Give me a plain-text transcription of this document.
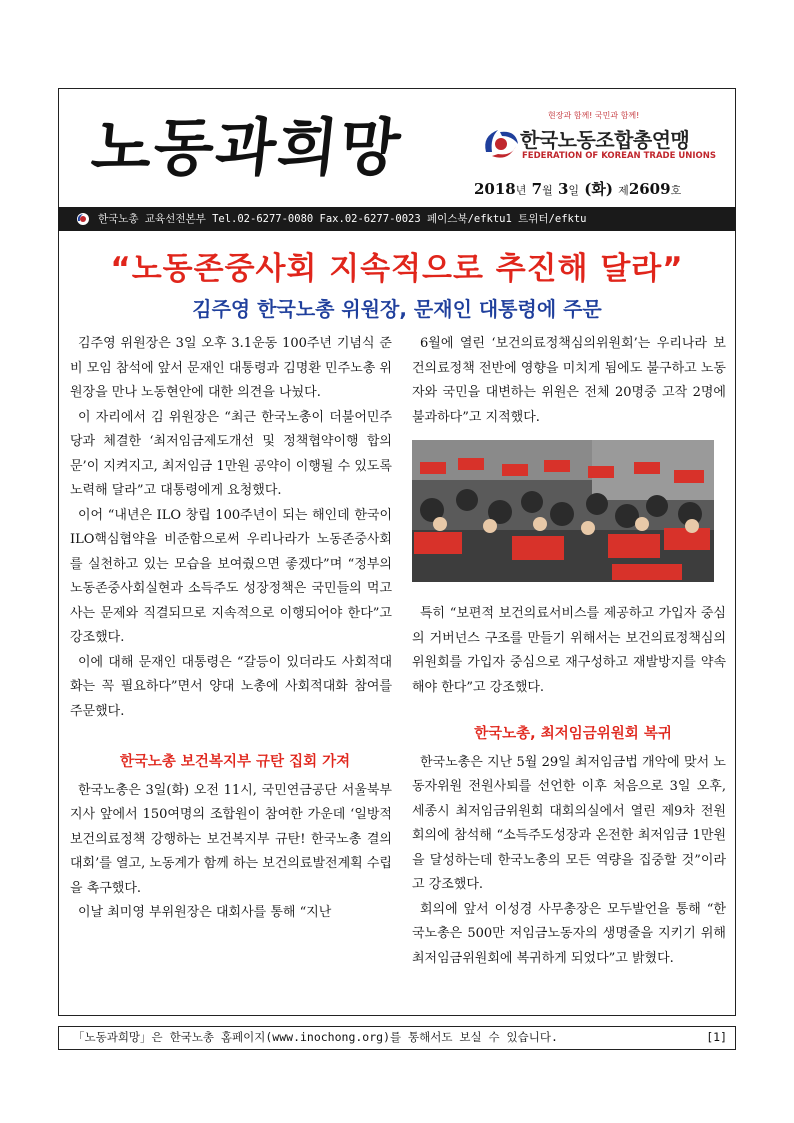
노동과희망	현장과 함께! 국민과 함께!
한국노동조합총연맹
FEDERATION OF KOREAN TRADE UNIONS
2018년 7월 3일 (화) 제2609호
한국노총 교육선전본부 Tel.02-6277-0080 Fax.02-6277-0023 페이스북/efktu1 트위터/efktu
“노동존중사회 지속적으로 추진해 달라”
김주영 한국노총 위원장, 문재인 대통령에 주문

김주영 위원장은 3일 오후 3.1운동 100주년 기념식 준비 모임 참석에 앞서 문재인 대통령과 김명환 민주노총 위원장을 만나 노동현안에 대한 의견을 나눴다.

이 자리에서 김 위원장은 “최근 한국노총이 더불어민주당과 체결한 ‘최저임금제도개선 및 정책협약이행 합의문’이 지켜지고, 최저임금 1만원 공약이 이행될 수 있도록 노력해 달라”고 대통령에게 요청했다.

이어 “내년은 ILO 창립 100주년이 되는 해인데 한국이 ILO핵심협약을 비준함으로써 우리나라가 노동존중사회를 실천하고 있는 모습을 보여줬으면 좋겠다”며 “정부의 노동존중사회실현과 소득주도 성장정책은 국민들의 먹고사는 문제와 직결되므로 지속적으로 이행되어야 한다”고 강조했다.

이에 대해 문재인 대통령은 “갈등이 있더라도 사회적대화는 꼭 필요하다”면서 양대 노총에 사회적대화 참여를 주문했다.

한국노총 보건복지부 규탄 집회 가져

한국노총은 3일(화) 오전 11시, 국민연금공단 서울북부지사 앞에서 150여명의 조합원이 참여한 가운데 ‘일방적 보건의료정책 강행하는 보건복지부 규탄! 한국노총 결의대회’를 열고, 노동계가 함께 하는 보건의료발전계획 수립을 촉구했다.

이날 최미영 부위원장은 대회사를 통해 “지난

6월에 열린 ‘보건의료정책심의위원회’는 우리나라 보건의료정책 전반에 영향을 미치게 됨에도 불구하고 노동자와 국민을 대변하는 위원은 전체 20명중 고작 2명에 불과하다”고 지적했다.

특히 “보편적 보건의료서비스를 제공하고 가입자 중심의 거버넌스 구조를 만들기 위해서는 보건의료정책심의위원회를 가입자 중심으로 재구성하고 재발방지를 약속해야 한다”고 강조했다.

한국노총, 최저임금위원회 복귀

한국노총은 지난 5월 29일 최저임금법 개악에 맞서 노동자위원 전원사퇴를 선언한 이후 처음으로 3일 오후, 세종시 최저임금위원회 대회의실에서 열린 제9차 전원회의에 참석해 “소득주도성장과 온전한 최저임금 1만원을 달성하는데 한국노총의 모든 역량을 집중할 것”이라고 강조했다.

회의에 앞서 이성경 사무총장은 모두발언을 통해 “한국노총은 500만 저임금노동자의 생명줄을 지키기 위해 최저임금위원회에 복귀하게 되었다”고 밝혔다.

「노동과희망」은 한국노총 홈페이지(www.inochong.org)를 통해서도 보실 수 있습니다.	[1]
